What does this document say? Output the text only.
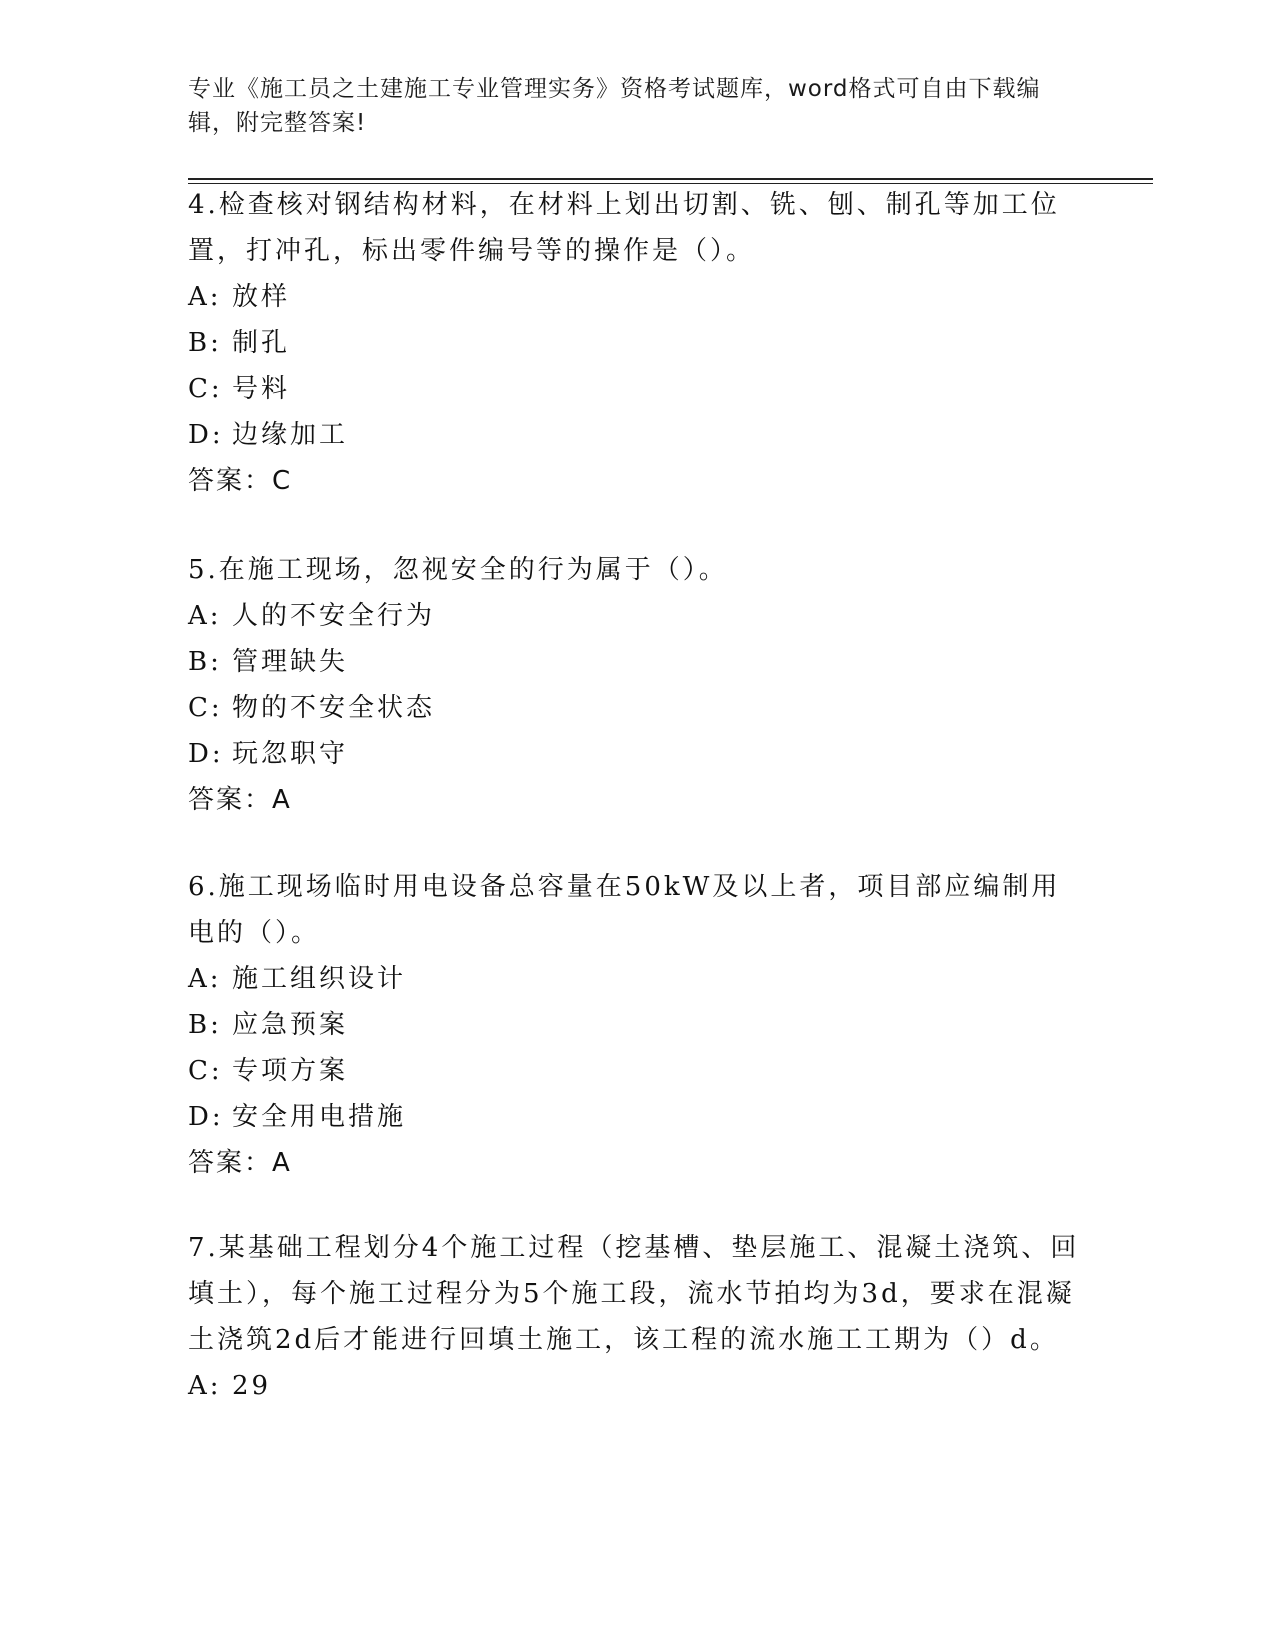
专业《施工员之土建施工专业管理实务》资格考试题库，word格式可自由下载编
辑，附完整答案!

4.检查核对钢结构材料，在材料上划出切割、铣、刨、制孔等加工位置，打冲孔，标出零件编号等的操作是（）。

A: 放样

B: 制孔

C: 号料

D: 边缘加工

答案：C

5.在施工现场，忽视安全的行为属于（）。

A: 人的不安全行为

B: 管理缺失

C: 物的不安全状态

D: 玩忽职守

答案：A

6.施工现场临时用电设备总容量在50kW及以上者，项目部应编制用电的（）。

A: 施工组织设计

B: 应急预案

C: 专项方案

D: 安全用电措施

答案：A

7.某基础工程划分4个施工过程（挖基槽、垫层施工、混凝土浇筑、回填土），每个施工过程分为5个施工段，流水节拍均为3d，要求在混凝土浇筑2d后才能进行回填土施工，该工程的流水施工工期为（）d。

A: 29
